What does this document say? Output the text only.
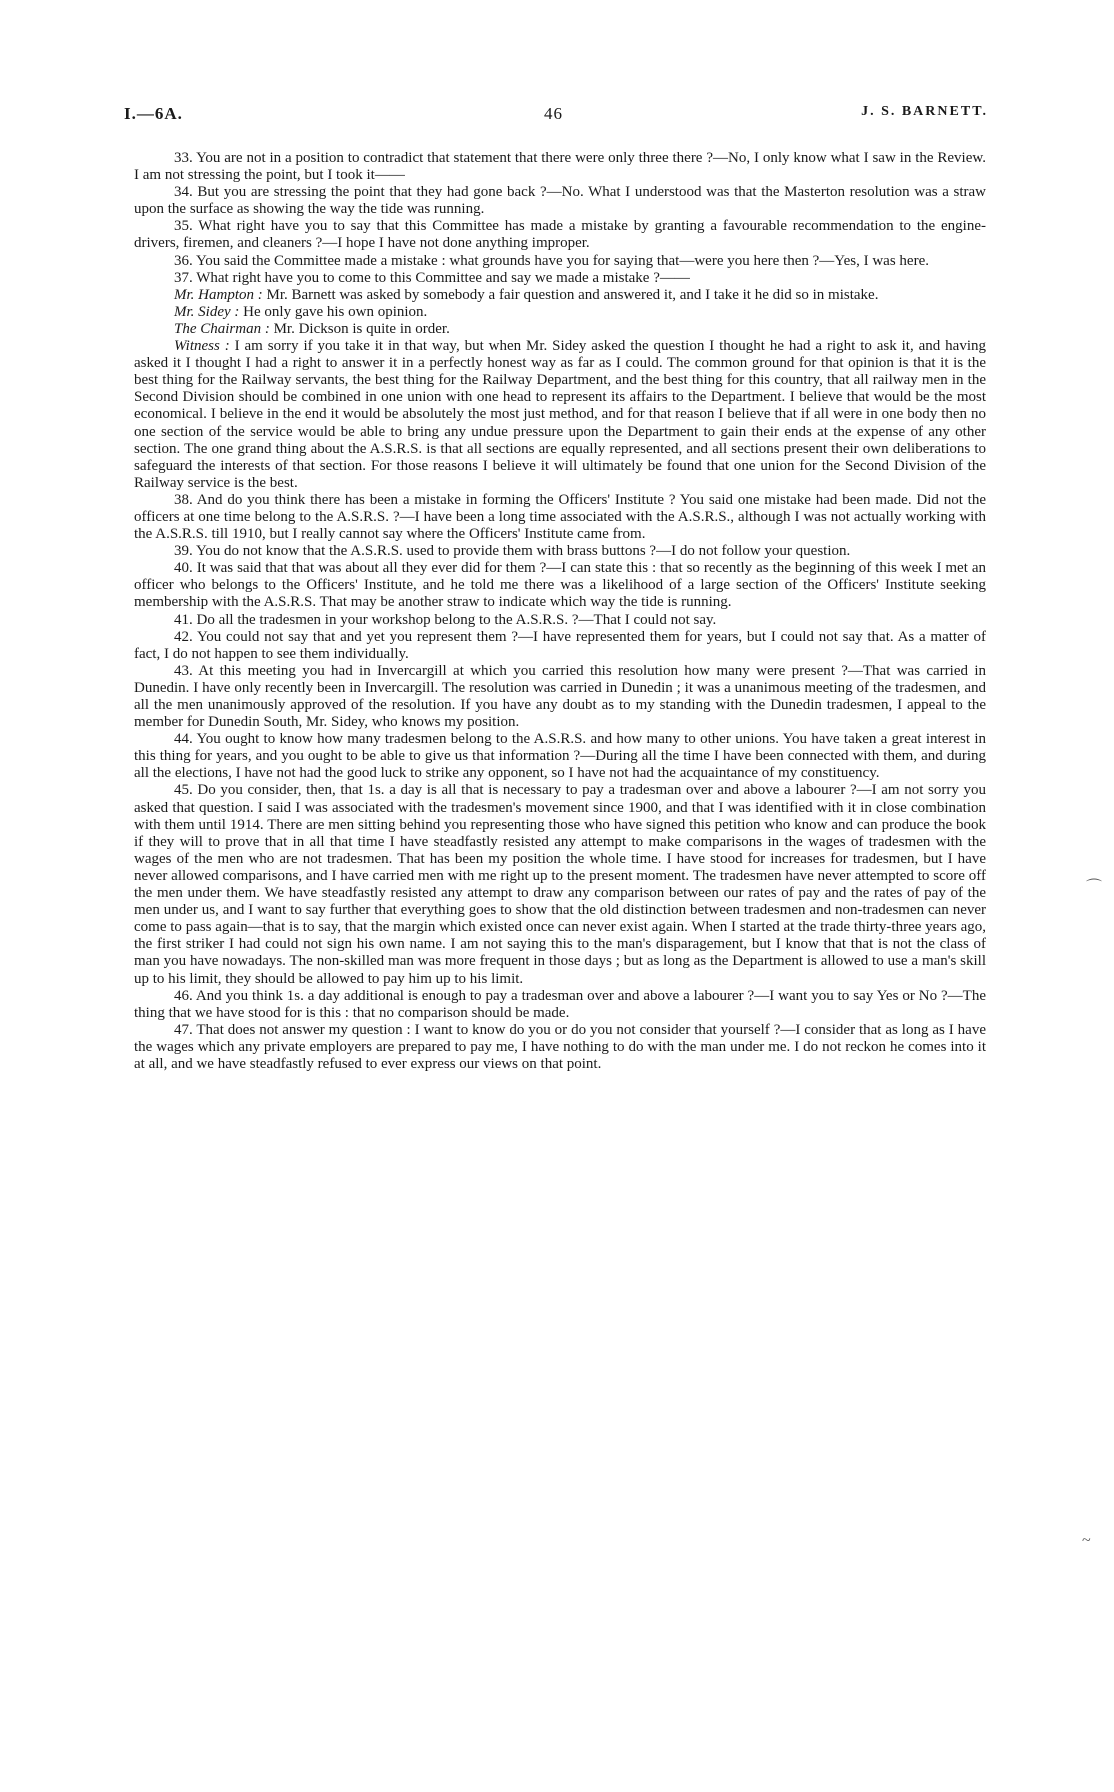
I.—6A.	46	J. S. BARNETT.

33. You are not in a position to contradict that statement that there were only three there ?—No, I only know what I saw in the Review. I am not stressing the point, but I took it——

34. But you are stressing the point that they had gone back ?—No. What I understood was that the Masterton resolution was a straw upon the surface as showing the way the tide was running.

35. What right have you to say that this Committee has made a mistake by granting a favourable recommendation to the engine-drivers, firemen, and cleaners ?—I hope I have not done anything improper.

36. You said the Committee made a mistake : what grounds have you for saying that—were you here then ?—Yes, I was here.

37. What right have you to come to this Committee and say we made a mistake ?——

Mr. Hampton : Mr. Barnett was asked by somebody a fair question and answered it, and I take it he did so in mistake.

Mr. Sidey : He only gave his own opinion.

The Chairman : Mr. Dickson is quite in order.

Witness : I am sorry if you take it in that way, but when Mr. Sidey asked the question I thought he had a right to ask it, and having asked it I thought I had a right to answer it in a perfectly honest way as far as I could. The common ground for that opinion is that it is the best thing for the Railway servants, the best thing for the Railway Department, and the best thing for this country, that all railway men in the Second Division should be combined in one union with one head to represent its affairs to the Department. I believe that would be the most economical. I believe in the end it would be absolutely the most just method, and for that reason I believe that if all were in one body then no one section of the service would be able to bring any undue pressure upon the Department to gain their ends at the expense of any other section. The one grand thing about the A.S.R.S. is that all sections are equally represented, and all sections present their own deliberations to safeguard the interests of that section. For those reasons I believe it will ultimately be found that one union for the Second Division of the Railway service is the best.

38. And do you think there has been a mistake in forming the Officers' Institute ? You said one mistake had been made. Did not the officers at one time belong to the A.S.R.S. ?—I have been a long time associated with the A.S.R.S., although I was not actually working with the A.S.R.S. till 1910, but I really cannot say where the Officers' Institute came from.

39. You do not know that the A.S.R.S. used to provide them with brass buttons ?—I do not follow your question.

40. It was said that that was about all they ever did for them ?—I can state this : that so recently as the beginning of this week I met an officer who belongs to the Officers' Institute, and he told me there was a likelihood of a large section of the Officers' Institute seeking membership with the A.S.R.S. That may be another straw to indicate which way the tide is running.

41. Do all the tradesmen in your workshop belong to the A.S.R.S. ?—That I could not say.

42. You could not say that and yet you represent them ?—I have represented them for years, but I could not say that. As a matter of fact, I do not happen to see them individually.

43. At this meeting you had in Invercargill at which you carried this resolution how many were present ?—That was carried in Dunedin. I have only recently been in Invercargill. The resolution was carried in Dunedin ; it was a unanimous meeting of the tradesmen, and all the men unanimously approved of the resolution. If you have any doubt as to my standing with the Dunedin tradesmen, I appeal to the member for Dunedin South, Mr. Sidey, who knows my position.

44. You ought to know how many tradesmen belong to the A.S.R.S. and how many to other unions. You have taken a great interest in this thing for years, and you ought to be able to give us that information ?—During all the time I have been connected with them, and during all the elections, I have not had the good luck to strike any opponent, so I have not had the acquaintance of my constituency.

45. Do you consider, then, that 1s. a day is all that is necessary to pay a tradesman over and above a labourer ?—I am not sorry you asked that question. I said I was associated with the tradesmen's movement since 1900, and that I was identified with it in close combination with them until 1914. There are men sitting behind you representing those who have signed this petition who know and can produce the book if they will to prove that in all that time I have steadfastly resisted any attempt to make comparisons in the wages of tradesmen with the wages of the men who are not tradesmen. That has been my position the whole time. I have stood for increases for tradesmen, but I have never allowed comparisons, and I have carried men with me right up to the present moment. The tradesmen have never attempted to score off the men under them. We have steadfastly resisted any attempt to draw any comparison between our rates of pay and the rates of pay of the men under us, and I want to say further that everything goes to show that the old distinction between tradesmen and non-tradesmen can never come to pass again—that is to say, that the margin which existed once can never exist again. When I started at the trade thirty-three years ago, the first striker I had could not sign his own name. I am not saying this to the man's disparagement, but I know that that is not the class of man you have nowadays. The non-skilled man was more frequent in those days ; but as long as the Department is allowed to use a man's skill up to his limit, they should be allowed to pay him up to his limit.

46. And you think 1s. a day additional is enough to pay a tradesman over and above a labourer ?—I want you to say Yes or No ?—The thing that we have stood for is this : that no comparison should be made.

47. That does not answer my question : I want to know do you or do you not consider that yourself ?—I consider that as long as I have the wages which any private employers are prepared to pay me, I have nothing to do with the man under me. I do not reckon he comes into it at all, and we have steadfastly refused to ever express our views on that point.

⌒
~
